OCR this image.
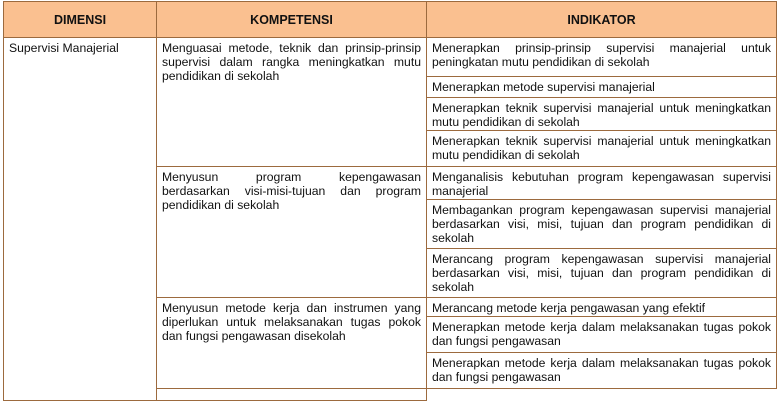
DIMENSI	KOMPETENSI	INDIKATOR
Supervisi Manajerial	Menguasai metode, teknik dan prinsip-prinsip supervisi dalam rangka meningkatkan mutu pendidikan di sekolah	Menerapkan prinsip-prinsip supervisi manajerial untuk peningkatan mutu pendidikan di sekolah
		Menerapkan metode supervisi manajerial
		Menerapkan teknik supervisi manajerial untuk meningkatkan mutu pendidikan di sekolah
		Menerapkan teknik supervisi manajerial untuk meningkatkan mutu pendidikan di sekolah
	Menyusun program kepengawasan berdasarkan visi-misi-tujuan dan program pendidikan di sekolah	Menganalisis kebutuhan program kepengawasan supervisi manajerial
		Membagankan program kepengawasan supervisi manajerial berdasarkan visi, misi, tujuan dan program pendidikan di sekolah
		Merancang program kepengawasan supervisi manajerial berdasarkan visi, misi, tujuan dan program pendidikan di sekolah
	Menyusun metode kerja dan instrumen yang diperlukan untuk melaksanakan tugas pokok dan fungsi pengawasan disekolah	Merancang metode kerja pengawasan yang efektif
		Menerapkan metode kerja dalam melaksanakan tugas pokok dan fungsi pengawasan
		Menerapkan metode kerja dalam melaksanakan tugas pokok dan fungsi pengawasan
